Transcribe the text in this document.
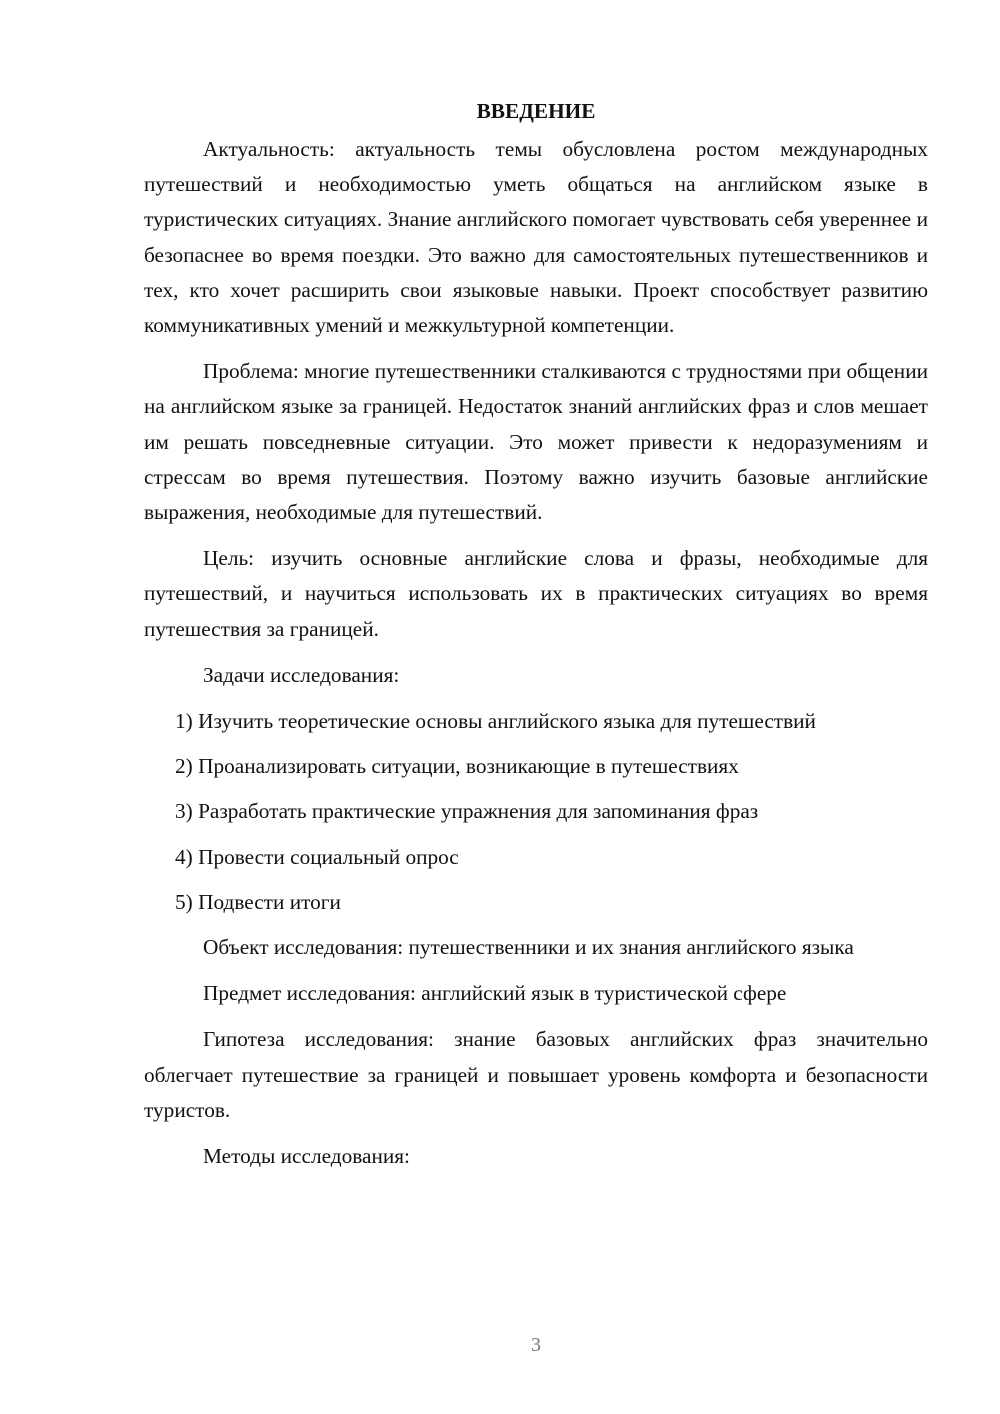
ВВЕДЕНИЕ

Актуальность: актуальность темы обусловлена ростом международных путешествий и необходимостью уметь общаться на английском языке в туристических ситуациях. Знание английского помогает чувствовать себя увереннее и безопаснее во время поездки. Это важно для самостоятельных путешественников и тех, кто хочет расширить свои языковые навыки. Проект способствует развитию коммуникативных умений и межкультурной компетенции.

Проблема: многие путешественники сталкиваются с трудностями при общении на английском языке за границей. Недостаток знаний английских фраз и слов мешает им решать повседневные ситуации. Это может привести к недоразумениям и стрессам во время путешествия. Поэтому важно изучить базовые английские выражения, необходимые для путешествий.

Цель: изучить основные английские слова и фразы, необходимые для путешествий, и научиться использовать их в практических ситуациях во время путешествия за границей.

Задачи исследования:

1) Изучить теоретические основы английского языка для путешествий
2) Проанализировать ситуации, возникающие в путешествиях
3) Разработать практические упражнения для запоминания фраз
4) Провести социальный опрос
5) Подвести итоги

Объект исследования: путешественники и их знания английского языка

Предмет исследования: английский язык в туристической сфере

Гипотеза исследования: знание базовых английских фраз значительно облегчает путешествие за границей и повышает уровень комфорта и безопасности туристов.

Методы исследования:

3
